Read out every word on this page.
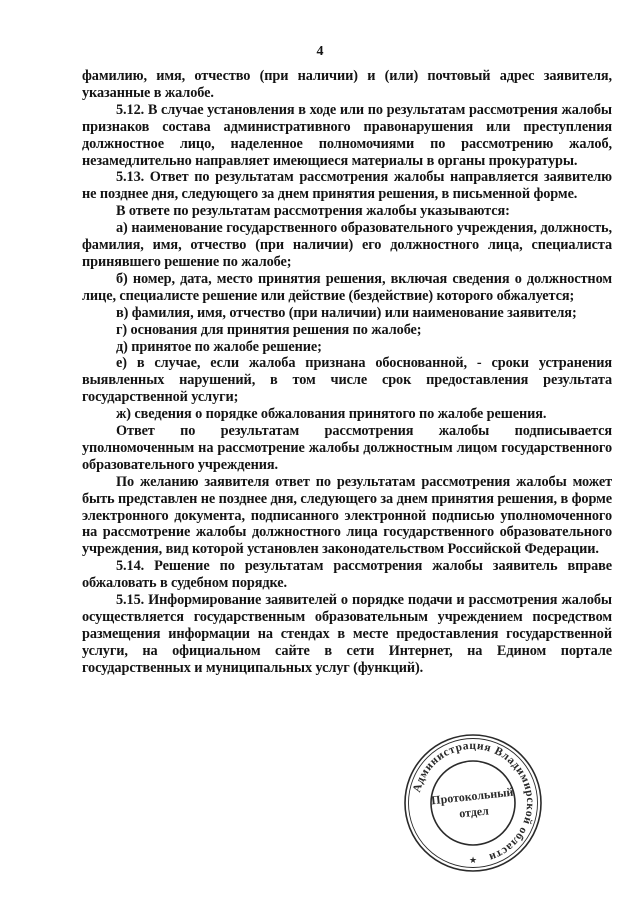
4

фамилию, имя, отчество (при наличии) и (или) почтовый адрес заявителя, указанные в жалобе.

5.12. В случае установления в ходе или по результатам рассмотрения жалобы признаков состава административного правонарушения или преступления должностное лицо, наделенное полномочиями по рассмотрению жалоб, незамедлительно направляет имеющиеся материалы в органы прокуратуры.

5.13. Ответ по результатам рассмотрения жалобы направляется заявителю не позднее дня, следующего за днем принятия решения, в письменной форме.

В ответе по результатам рассмотрения жалобы указываются:

а) наименование государственного образовательного учреждения, должность, фамилия, имя, отчество (при наличии) его должностного лица, специалиста принявшего решение по жалобе;

б) номер, дата, место принятия решения, включая сведения о должностном лице, специалисте решение или действие (бездействие) которого обжалуется;

в) фамилия, имя, отчество (при наличии) или наименование заявителя;

г) основания для принятия решения по жалобе;

д) принятое по жалобе решение;

е) в случае, если жалоба признана обоснованной, - сроки устранения выявленных нарушений, в том числе срок предоставления результата государственной услуги;

ж) сведения о порядке обжалования принятого по жалобе решения.

Ответ по результатам рассмотрения жалобы подписывается уполномоченным на рассмотрение жалобы должностным лицом государственного образовательного учреждения.

По желанию заявителя ответ по результатам рассмотрения жалобы может быть представлен не позднее дня, следующего за днем принятия решения, в форме электронного документа, подписанного электронной подписью уполномоченного на рассмотрение жалобы должностного лица государственного образовательного учреждения, вид которой установлен законодательством Российской Федерации.

5.14. Решение по результатам рассмотрения жалобы заявитель вправе обжаловать в судебном порядке.

5.15. Информирование заявителей о порядке подачи и рассмотрения жалобы осуществляется государственным образовательным учреждением посредством размещения информации на стендах в месте предоставления государственной услуги, на официальном сайте в сети Интернет, на Едином портале государственных и муниципальных услуг (функций).

Администрация Владимирской области
Протокольный
отдел
★
